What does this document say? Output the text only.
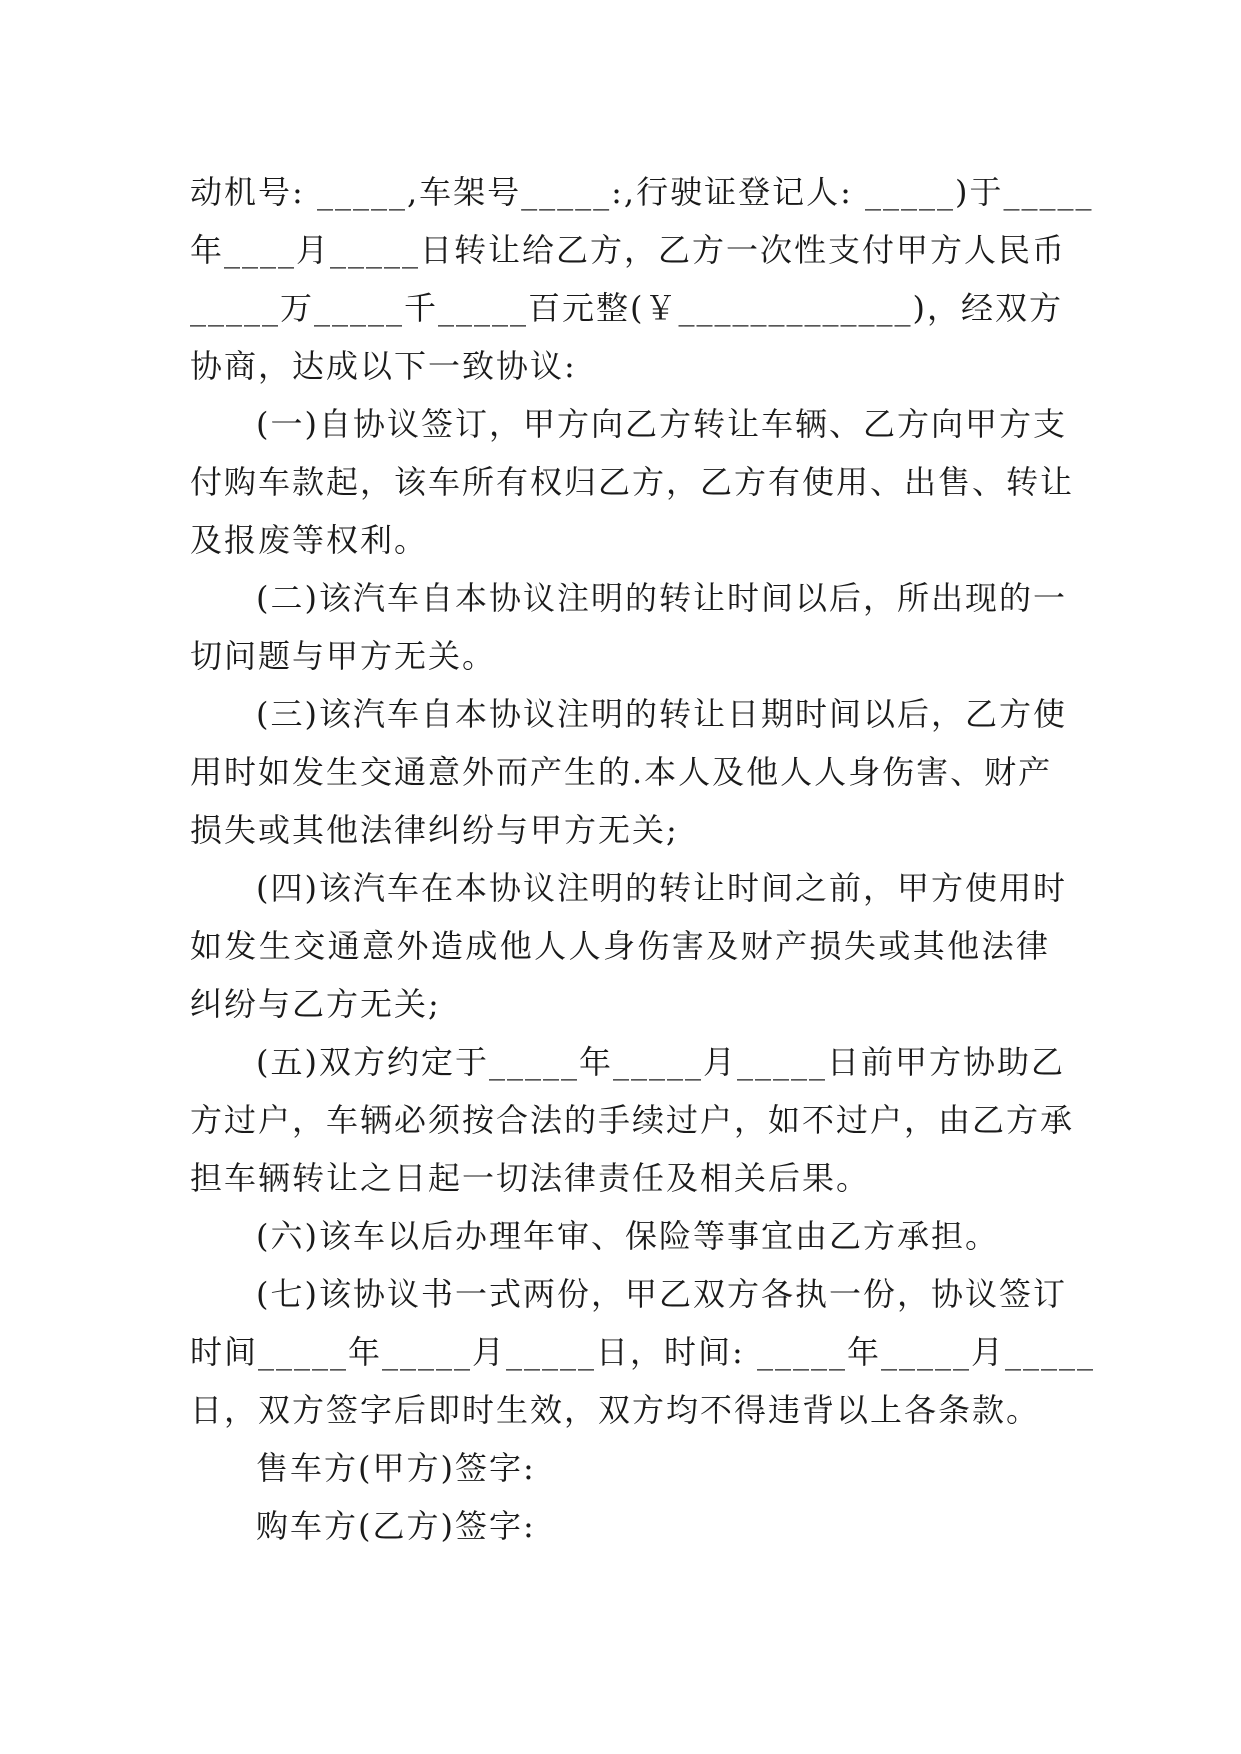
动机号: _____,车架号_____:,行驶证登记人: _____)于_____
年____月_____日转让给乙方，乙方一次性支付甲方人民币
_____万_____千_____百元整(￥_____________)，经双方
协商，达成以下一致协议:
(一)自协议签订，甲方向乙方转让车辆、乙方向甲方支
付购车款起，该车所有权归乙方，乙方有使用、出售、转让
及报废等权利。
(二)该汽车自本协议注明的转让时间以后，所出现的一
切问题与甲方无关。
(三)该汽车自本协议注明的转让日期时间以后，乙方使
用时如发生交通意外而产生的.本人及他人人身伤害、财产
损失或其他法律纠纷与甲方无关;
(四)该汽车在本协议注明的转让时间之前，甲方使用时
如发生交通意外造成他人人身伤害及财产损失或其他法律
纠纷与乙方无关;
(五)双方约定于_____年_____月_____日前甲方协助乙
方过户，车辆必须按合法的手续过户，如不过户，由乙方承
担车辆转让之日起一切法律责任及相关后果。
(六)该车以后办理年审、保险等事宜由乙方承担。
(七)该协议书一式两份，甲乙双方各执一份，协议签订
时间_____年_____月_____日，时间: _____年_____月_____
日，双方签字后即时生效，双方均不得违背以上各条款。
售车方(甲方)签字:
购车方(乙方)签字:
